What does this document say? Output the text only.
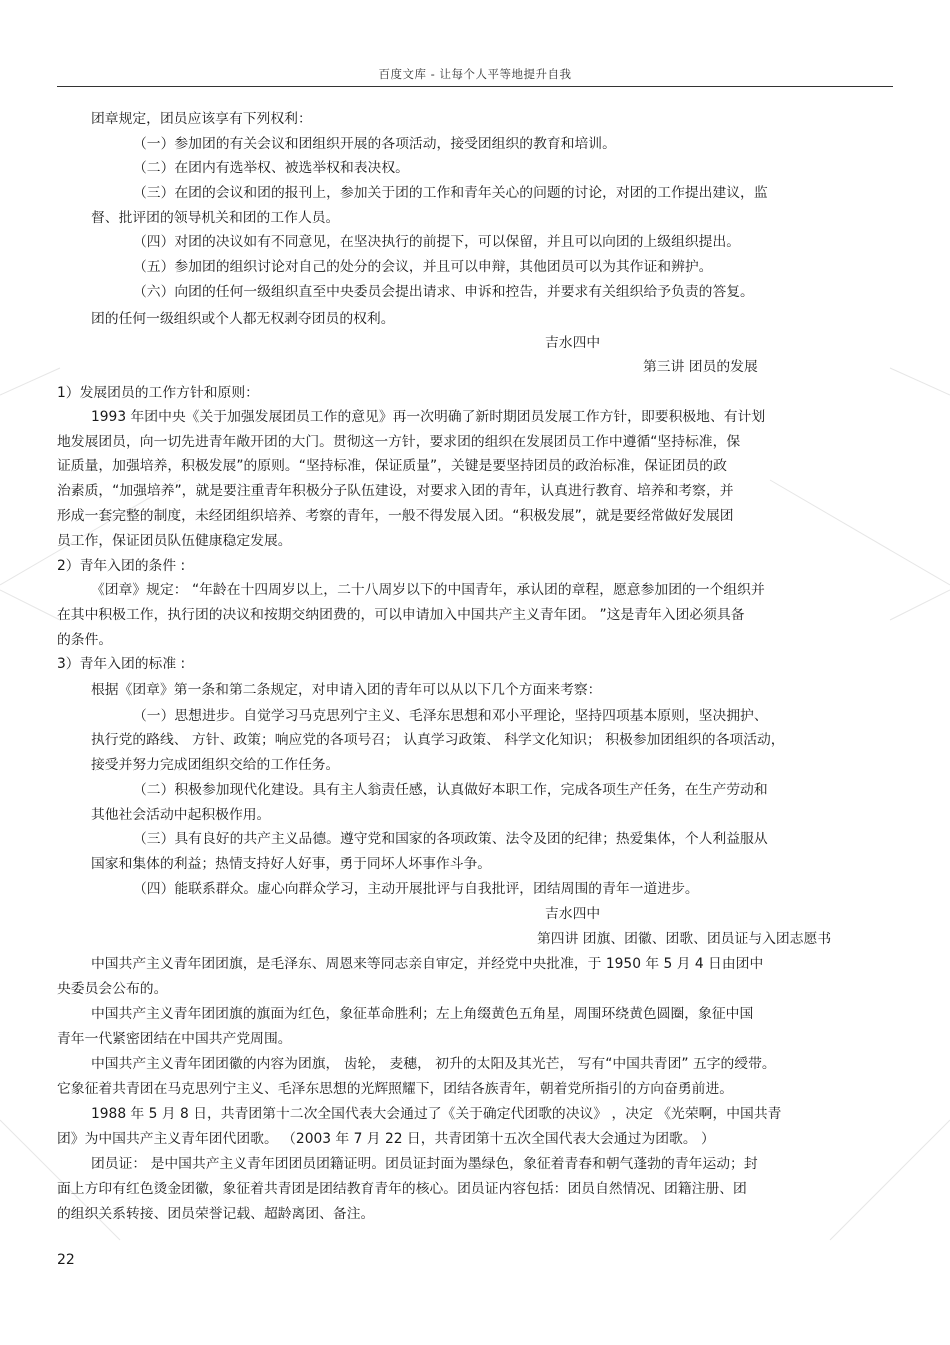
百度文库 - 让每个人平等地提升自我
团章规定，团员应该享有下列权利：
（一）参加团的有关会议和团组织开展的各项活动，接受团组织的教育和培训。
（二）在团内有选举权、被选举权和表决权。
（三）在团的会议和团的报刊上，参加关于团的工作和青年关心的问题的讨论，对团的工作提出建议，监
督、批评团的领导机关和团的工作人员。
（四）对团的决议如有不同意见，在坚决执行的前提下，可以保留，并且可以向团的上级组织提出。
（五）参加团的组织讨论对自己的处分的会议，并且可以申辩，其他团员可以为其作证和辨护。
（六）向团的任何一级组织直至中央委员会提出请求、申诉和控告，并要求有关组织给予负责的答复。
团的任何一级组织或个人都无权剥夺团员的权利。
吉水四中
第三讲 团员的发展
1）发展团员的工作方针和原则：
1993 年团中央《关于加强发展团员工作的意见》再一次明确了新时期团员发展工作方针，即要积极地、有计划
地发展团员，向一切先进青年敞开团的大门。贯彻这一方针，要求团的组织在发展团员工作中遵循“坚持标准，保
证质量，加强培养，积极发展”的原则。“坚持标准，保证质量”，关键是要坚持团员的政治标准，保证团员的政
治素质，“加强培养”，就是要注重青年积极分子队伍建设，对要求入团的青年，认真进行教育、培养和考察，并
形成一套完整的制度，未经团组织培养、考察的青年，一般不得发展入团。“积极发展”，就是要经常做好发展团
员工作，保证团员队伍健康稳定发展。
2）青年入团的条件 :
《团章》规定： “年龄在十四周岁以上，二十八周岁以下的中国青年，承认团的章程，愿意参加团的一个组织并
在其中积极工作，执行团的决议和按期交纳团费的，可以申请加入中国共产主义青年团。 ”这是青年入团必须具备
的条件。
3）青年入团的标准 :
根据《团章》第一条和第二条规定，对申请入团的青年可以从以下几个方面来考察：
（一）思想进步。自觉学习马克思列宁主义、毛泽东思想和邓小平理论，坚持四项基本原则，坚决拥护、
执行党的路线、 方针、政策；响应党的各项号召； 认真学习政策、 科学文化知识； 积极参加团组织的各项活动，
接受并努力完成团组织交给的工作任务。
（二）积极参加现代化建设。具有主人翁责任感，认真做好本职工作，完成各项生产任务，在生产劳动和
其他社会活动中起积极作用。
（三）具有良好的共产主义品德。遵守党和国家的各项政策、法令及团的纪律；热爱集体，个人利益服从
国家和集体的利益；热情支持好人好事，勇于同坏人坏事作斗争。
（四）能联系群众。虚心向群众学习，主动开展批评与自我批评，团结周围的青年一道进步。
吉水四中
第四讲 团旗、团徽、团歌、团员证与入团志愿书
中国共产主义青年团团旗，是毛泽东、周恩来等同志亲自审定，并经党中央批准，于 1950 年 5 月 4 日由团中
央委员会公布的。
中国共产主义青年团团旗的旗面为红色，象征革命胜利；左上角缀黄色五角星，周围环绕黄色圆圈，象征中国
青年一代紧密团结在中国共产党周围。
中国共产主义青年团团徽的内容为团旗， 齿轮， 麦穗， 初升的太阳及其光芒， 写有“中国共青团” 五字的绶带。
它象征着共青团在马克思列宁主义、毛泽东思想的光辉照耀下，团结各族青年，朝着党所指引的方向奋勇前进。
1988 年 5 月 8 日，共青团第十二次全国代表大会通过了《关于确定代团歌的决议》 ，决定 《光荣啊，中国共青
团》为中国共产主义青年团代团歌。 （2003 年 7 月 22 日，共青团第十五次全国代表大会通过为团歌。 ）
团员证： 是中国共产主义青年团团员团籍证明。团员证封面为墨绿色，象征着青春和朝气蓬勃的青年运动；封
面上方印有红色烫金团徽，象征着共青团是团结教育青年的核心。团员证内容包括：团员自然情况、团籍注册、团
的组织关系转接、团员荣誉记载、超龄离团、备注。
22
